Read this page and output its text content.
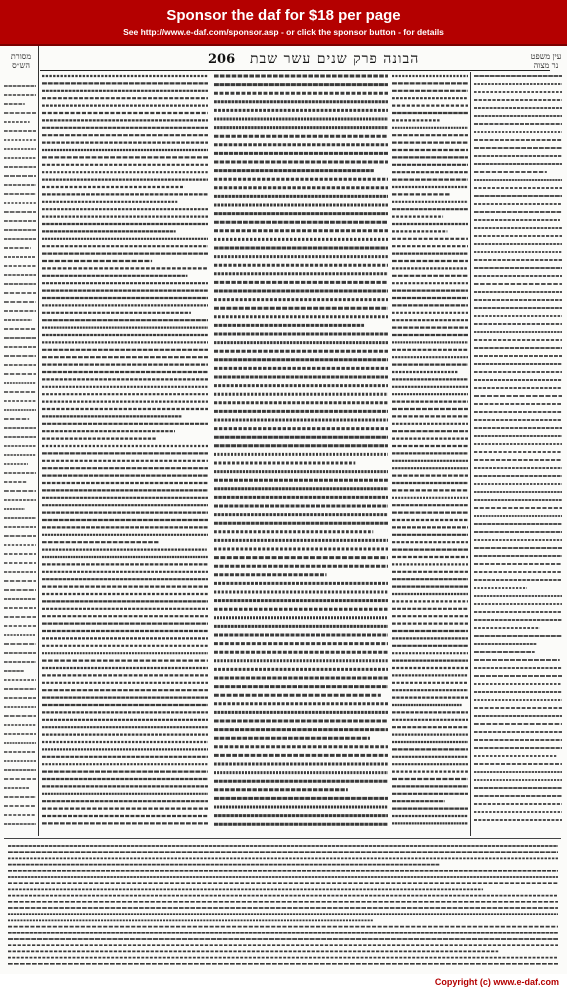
Sponsor the daf for $18 per page
See http://www.e-daf.com/sponsor.asp - or click the sponsor button - for details
206 הבונה פרק שנים עשר שבת
מסורת הש״ס
עין משפט נר מצוה
Copyright (c) www.e-daf.com
